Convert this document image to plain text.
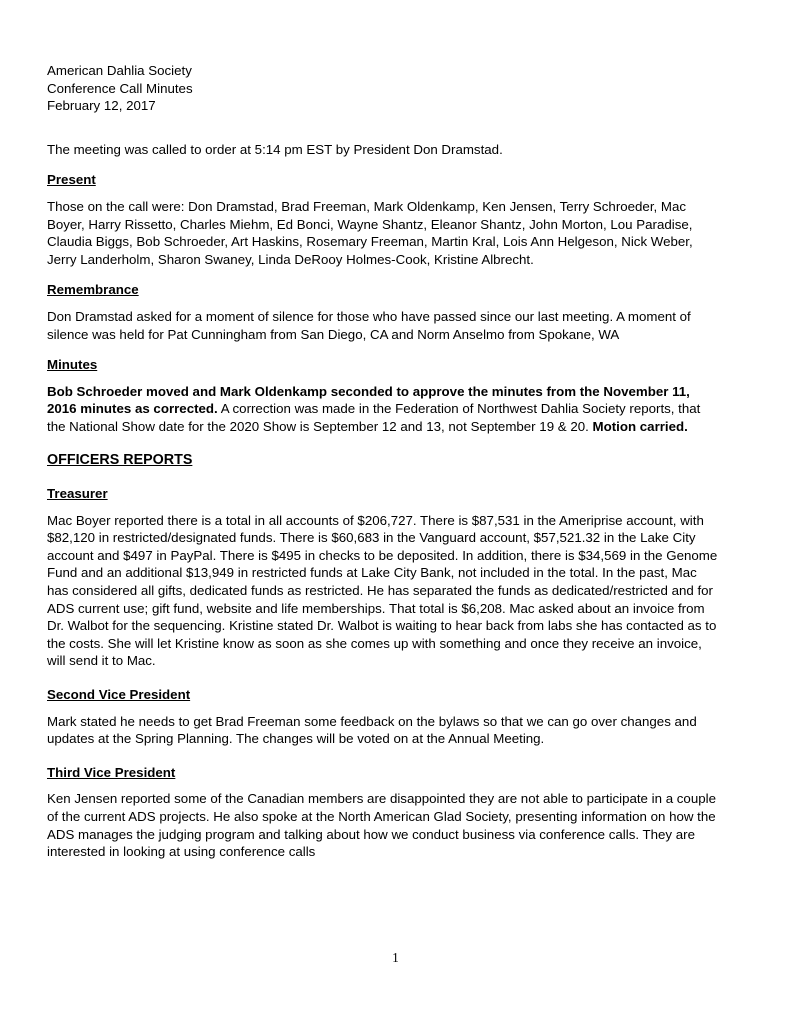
American Dahlia Society
Conference Call Minutes
February 12, 2017

The meeting was called to order at 5:14 pm EST by President Don Dramstad.

Present

Those on the call were: Don Dramstad, Brad Freeman, Mark Oldenkamp, Ken Jensen, Terry Schroeder, Mac Boyer, Harry Rissetto, Charles Miehm, Ed Bonci, Wayne Shantz, Eleanor Shantz, John Morton, Lou Paradise, Claudia Biggs, Bob Schroeder, Art Haskins, Rosemary Freeman, Martin Kral, Lois Ann Helgeson, Nick Weber, Jerry Landerholm, Sharon Swaney, Linda DeRooy Holmes-Cook, Kristine Albrecht.

Remembrance

Don Dramstad asked for a moment of silence for those who have passed since our last meeting. A moment of silence was held for Pat Cunningham from San Diego, CA and Norm Anselmo from Spokane, WA

Minutes

Bob Schroeder moved and Mark Oldenkamp seconded to approve the minutes from the November 11, 2016 minutes as corrected. A correction was made in the Federation of Northwest Dahlia Society reports, that the National Show date for the 2020 Show is September 12 and 13, not September 19 & 20. Motion carried.

OFFICERS REPORTS
Treasurer

Mac Boyer reported there is a total in all accounts of $206,727. There is $87,531 in the Ameriprise account, with $82,120 in restricted/designated funds. There is $60,683 in the Vanguard account, $57,521.32 in the Lake City account and $497 in PayPal. There is $495 in checks to be deposited. In addition, there is $34,569 in the Genome Fund and an additional $13,949 in restricted funds at Lake City Bank, not included in the total. In the past, Mac has considered all gifts, dedicated funds as restricted. He has separated the funds as dedicated/restricted and for ADS current use; gift fund, website and life memberships. That total is $6,208. Mac asked about an invoice from Dr. Walbot for the sequencing. Kristine stated Dr. Walbot is waiting to hear back from labs she has contacted as to the costs. She will let Kristine know as soon as she comes up with something and once they receive an invoice, will send it to Mac.

Second Vice President

Mark stated he needs to get Brad Freeman some feedback on the bylaws so that we can go over changes and updates at the Spring Planning. The changes will be voted on at the Annual Meeting.

Third Vice President

Ken Jensen reported some of the Canadian members are disappointed they are not able to participate in a couple of the current ADS projects. He also spoke at the North American Glad Society, presenting information on how the ADS manages the judging program and talking about how we conduct business via conference calls. They are interested in looking at using conference calls

1
